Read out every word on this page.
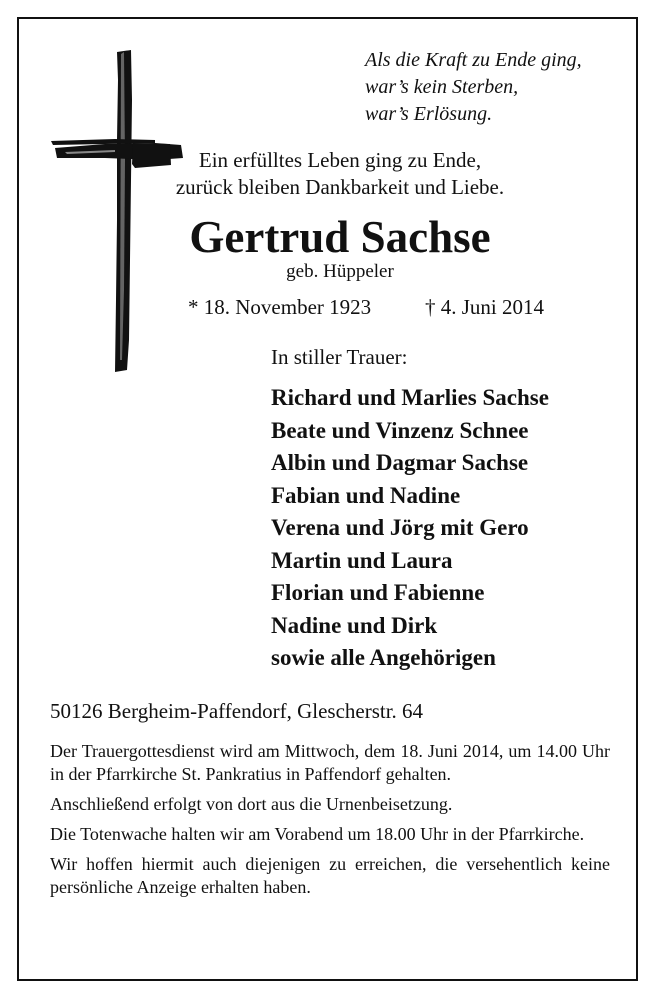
Als die Kraft zu Ende ging,
war’s kein Sterben,
war’s Erlösung.
Ein erfülltes Leben ging zu Ende,
zurück bleiben Dankbarkeit und Liebe.
Gertrud Sachse
geb. Hüppeler
* 18. November 1923	† 4. Juni 2014
In stiller Trauer:
Richard und Marlies Sachse
Beate und Vinzenz Schnee
Albin und Dagmar Sachse
Fabian und Nadine
Verena und Jörg mit Gero
Martin und Laura
Florian und Fabienne
Nadine und Dirk
sowie alle Angehörigen
50126 Bergheim-Paffendorf, Glescherstr. 64
Der Trauergottesdienst wird am Mittwoch, dem 18. Juni 2014, um 14.00 Uhr in der Pfarrkirche St. Pankratius in Paffendorf gehalten.
Anschließend erfolgt von dort aus die Urnenbeisetzung.
Die Totenwache halten wir am Vorabend um 18.00 Uhr in der Pfarrkirche.
Wir hoffen hiermit auch diejenigen zu erreichen, die versehentlich keine persönliche Anzeige erhalten haben.
